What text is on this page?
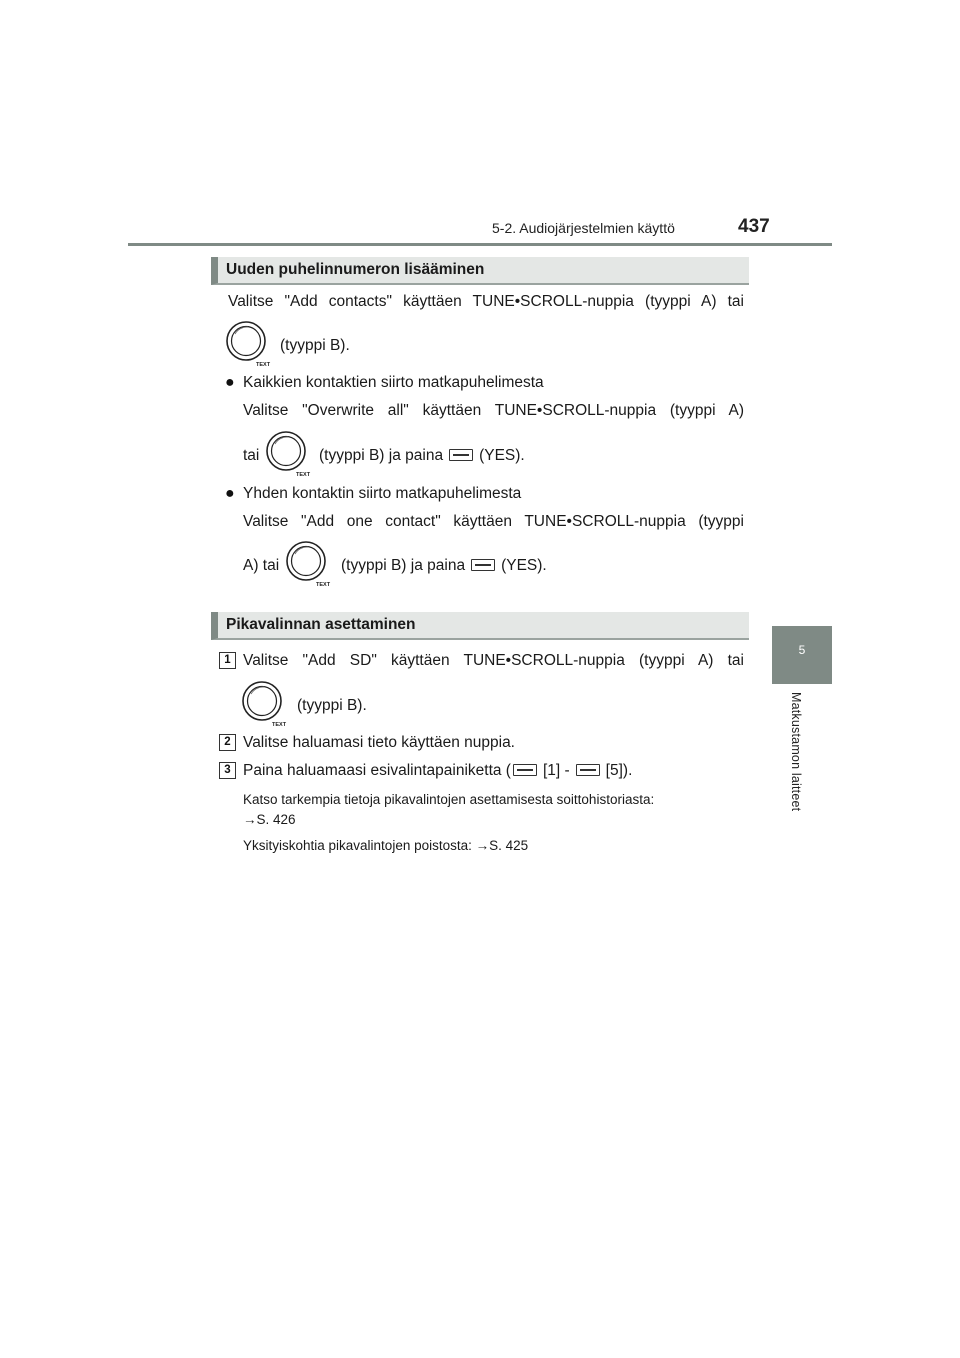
5-2. Audiojärjestelmien käyttö	437
5
Matkustamon laitteet
Uuden puhelinnumeron lisääminen
Valitse "Add contacts" käyttäen TUNE•SCROLL-nuppia (tyyppi A) tai
TEXT
(tyyppi B).
● Kaikkien kontaktien siirto matkapuhelimesta
Valitse "Overwrite all" käyttäen TUNE•SCROLL-nuppia (tyyppi A)
tai
TEXT
(tyyppi B) ja paina (YES).
● Yhden kontaktin siirto matkapuhelimesta
Valitse "Add one contact" käyttäen TUNE•SCROLL-nuppia (tyyppi
A) tai
TEXT
(tyyppi B) ja paina (YES).
Pikavalinnan asettaminen
1 Valitse "Add SD" käyttäen TUNE•SCROLL-nuppia (tyyppi A) tai
TEXT
(tyyppi B).
2 Valitse haluamasi tieto käyttäen nuppia.
3 Paina haluamaasi esivalintapainiketta ( [1] - [5]).
Katso tarkempia tietoja pikavalintojen asettamisesta soittohistoriasta:
→S. 426
Yksityiskohtia pikavalintojen poistosta: →S. 425
